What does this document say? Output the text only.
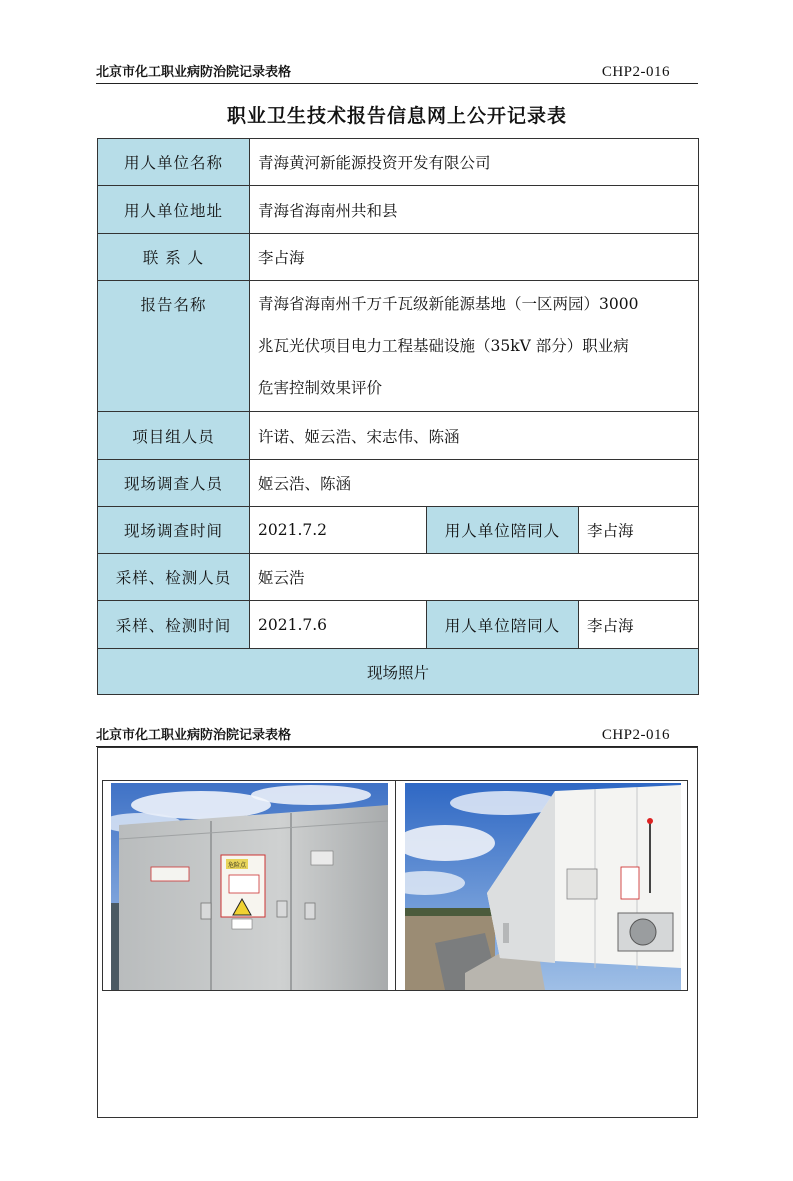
北京市化工职业病防治院记录表格	CHP2-016
职业卫生技术报告信息网上公开记录表
用人单位名称	青海黄河新能源投资开发有限公司		
用人单位地址	青海省海南州共和县		
联 系 人	李占海		
报告名称	青海省海南州千万千瓦级新能源基地（一区两园）3000
兆瓦光伏项目电力工程基础设施（35kV 部分）职业病
危害控制效果评价		

项目组人员	许诺、姬云浩、宋志伟、陈涵		
现场调查人员	姬云浩、陈涵		
现场调查时间	2021.7.2	用人单位陪同人	李占海
采样、检测人员	姬云浩		
采样、检测时间	2021.7.6	用人单位陪同人	李占海
现场照片			
北京市化工职业病防治院记录表格	CHP2-016
危险点
